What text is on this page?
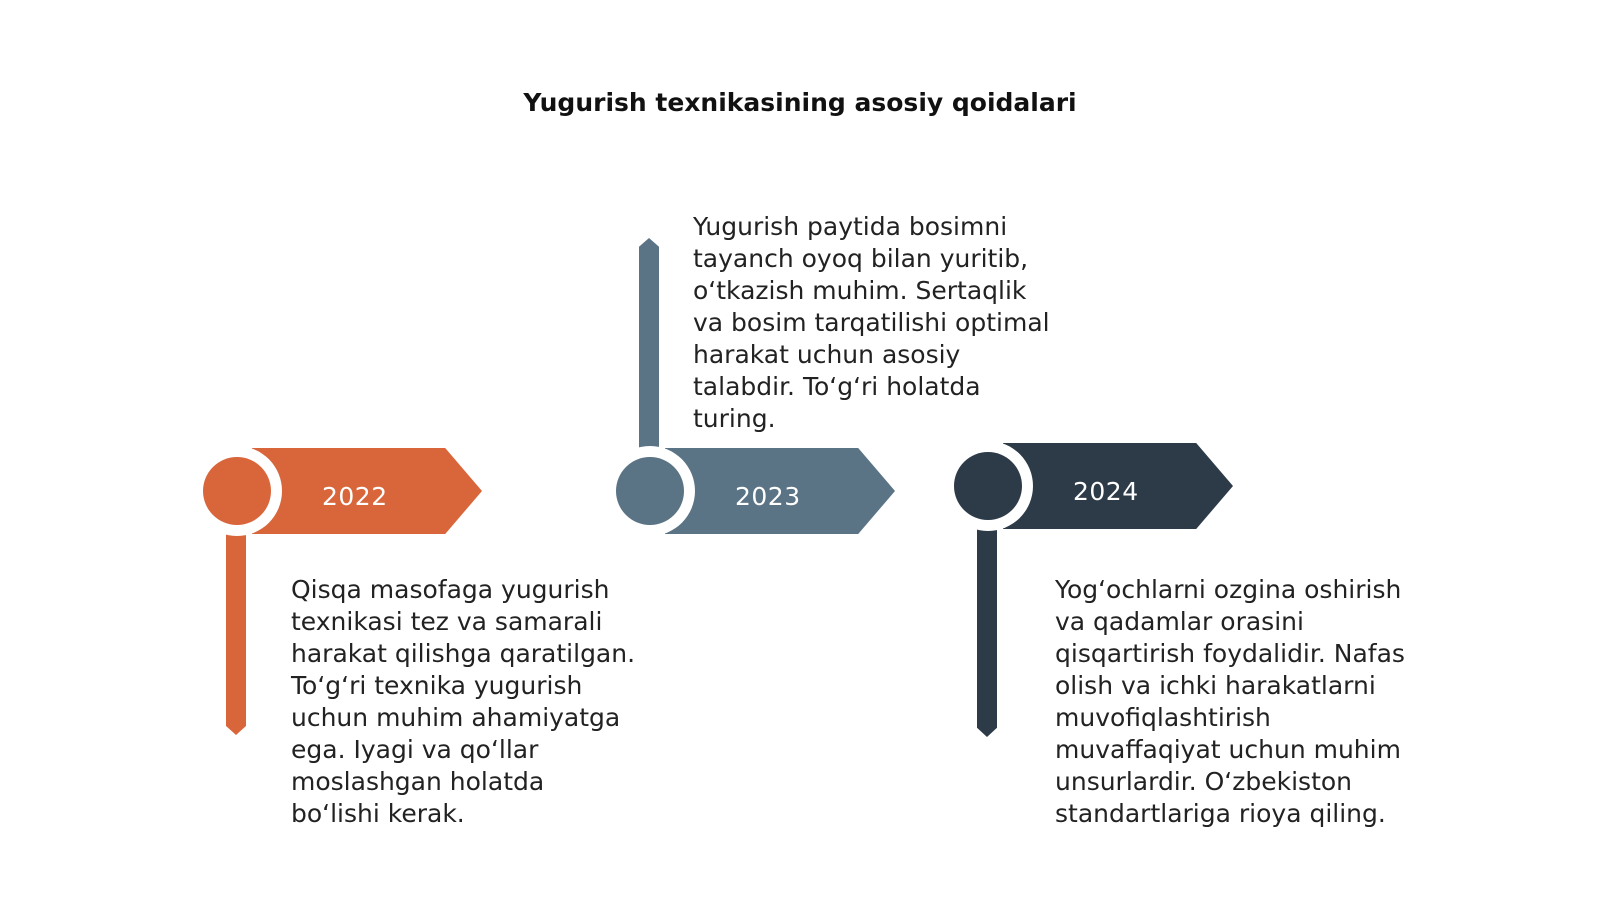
Yugurish texnikasining asosiy qoidalari
2022
Qisqa masofaga yugurish texnikasi tez va samarali harakat qilishga qaratilgan. To‘g‘ri texnika yugurish uchun muhim ahamiyatga ega. Iyagi va qo‘llar moslashgan holatda bo‘lishi kerak.
2023
Yugurish paytida bosimni tayanch oyoq bilan yuritib, o‘tkazish muhim. Sertaqlik va bosim tarqatilishi optimal harakat uchun asosiy talabdir. To‘g‘ri holatda turing.
2024
Yog‘ochlarni ozgina oshirish va qadamlar orasini qisqartirish foydalidir. Nafas olish va ichki harakatlarni muvofiqlashtirish muvaffaqiyat uchun muhim unsurlardir. O‘zbekiston standartlariga rioya qiling.
